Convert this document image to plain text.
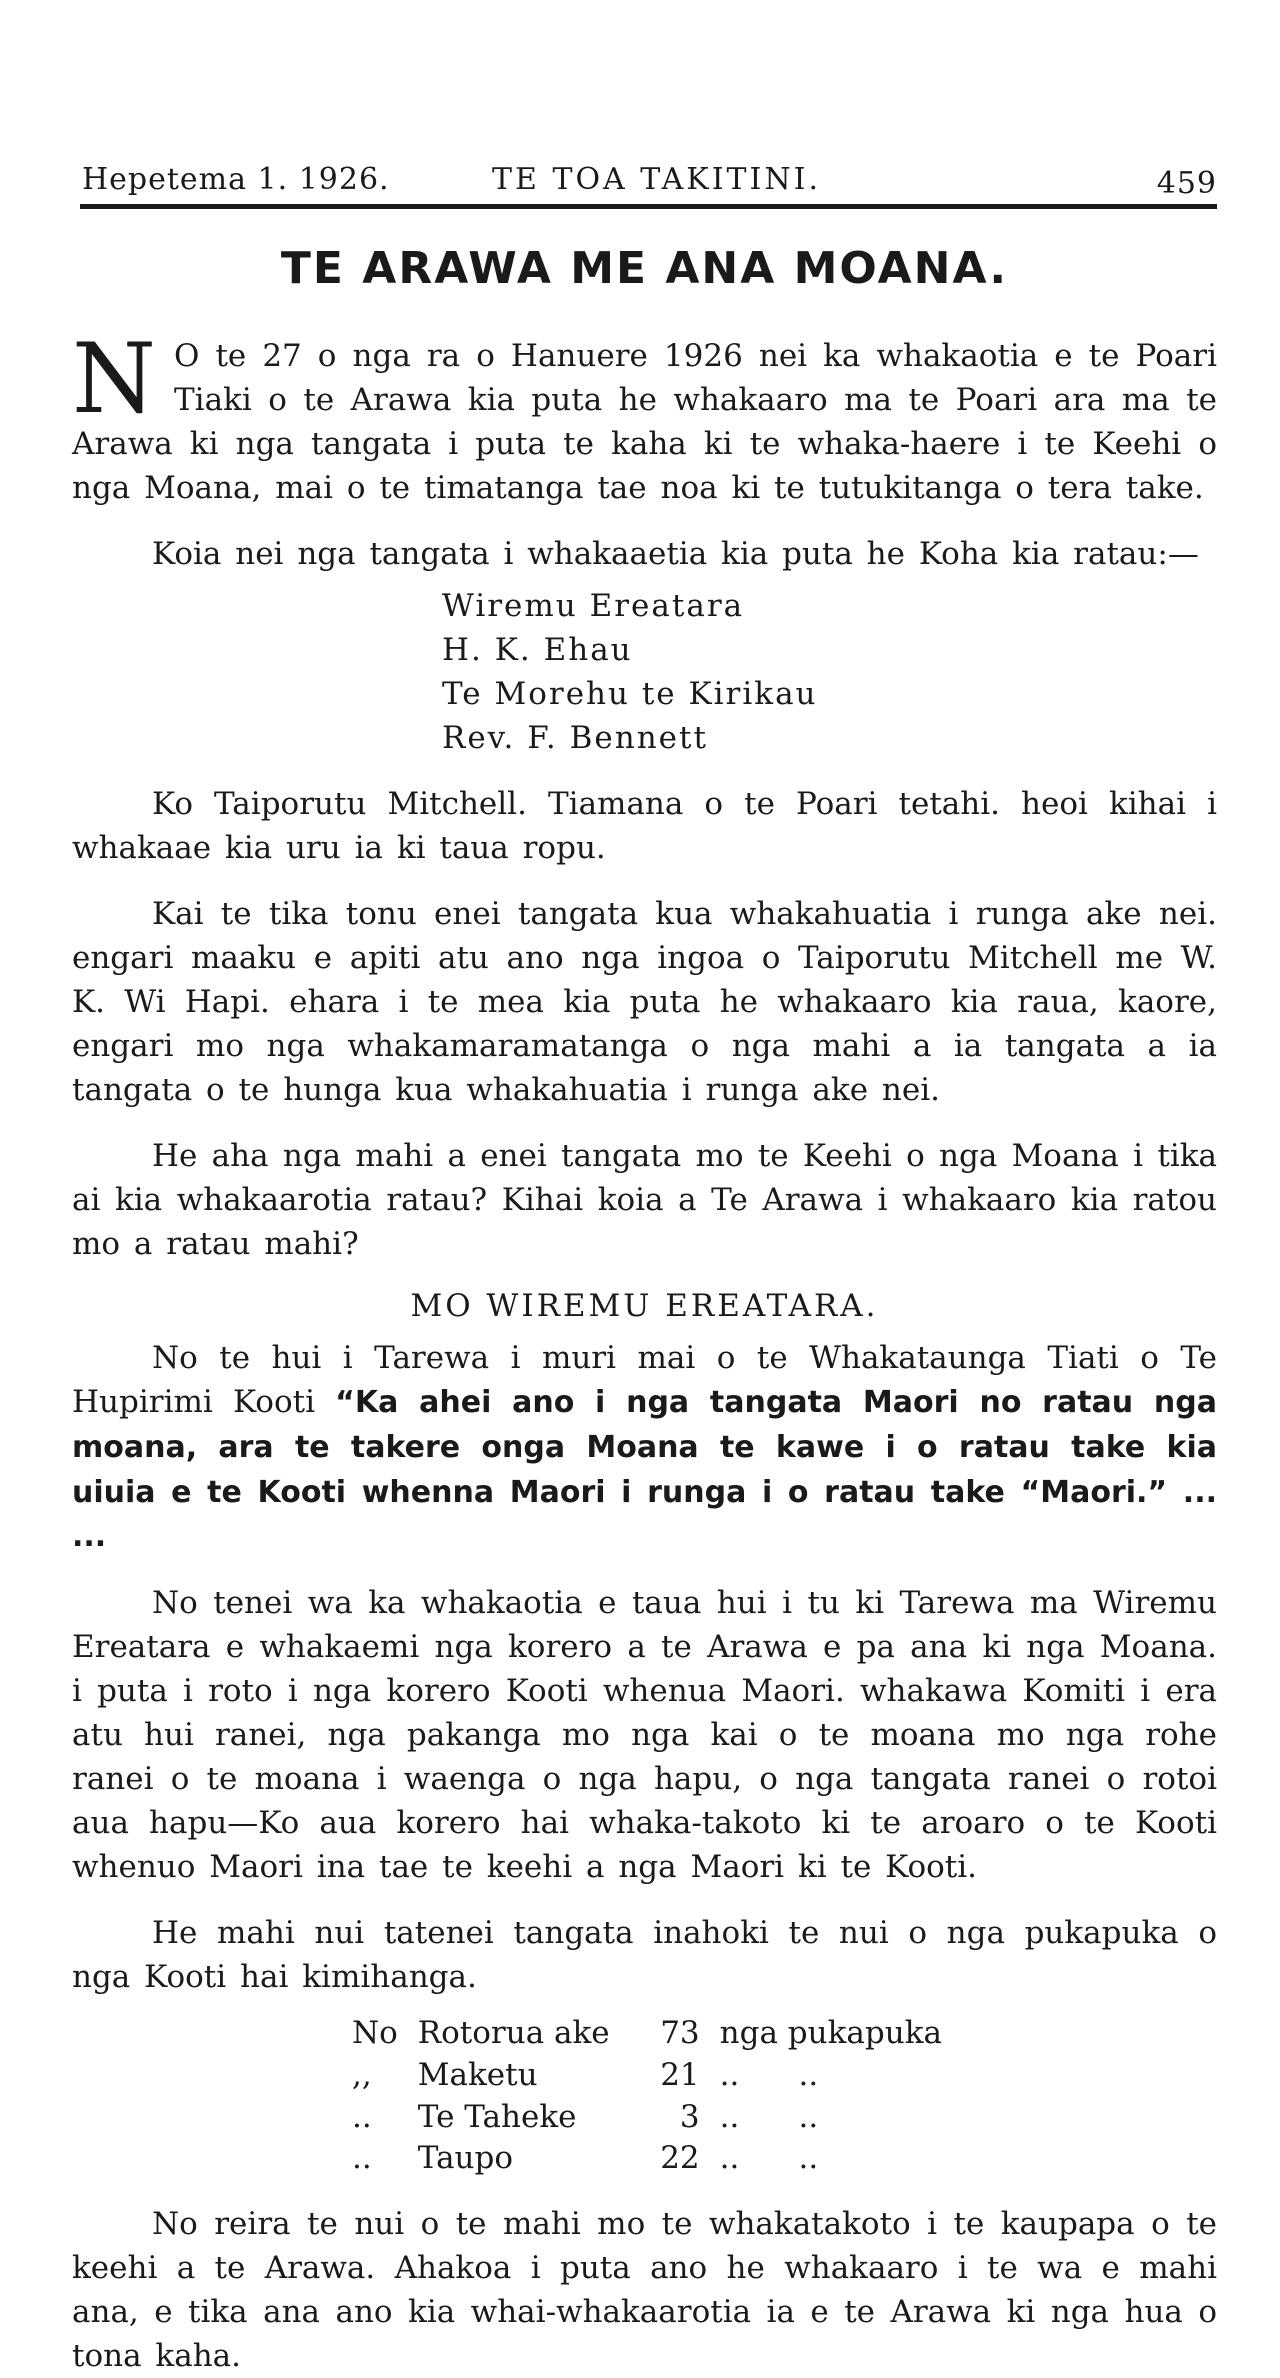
Hepetema 1. 1926.	TE TOA TAKITINI.	459
TE ARAWA ME ANA MOANA.

N O te 27 o nga ra o Hanuere 1926 nei ka whakaotia e te Poari Tiaki o te Arawa kia puta he whakaaro ma te Poari ara ma te Arawa ki nga tangata i puta te kaha ki te whaka-haere i te Keehi o nga Moana, mai o te timatanga tae noa ki te tutukitanga o tera take.

Koia nei nga tangata i whakaaetia kia puta he Koha kia ratau:—

Wiremu Ereatara
H. K. Ehau
Te Morehu te Kirikau
Rev. F. Bennett

Ko Taiporutu Mitchell. Tiamana o te Poari tetahi. heoi kihai i whakaae kia uru ia ki taua ropu.

Kai te tika tonu enei tangata kua whakahuatia i runga ake nei. engari maaku e apiti atu ano nga ingoa o Taiporutu Mitchell me W. K. Wi Hapi. ehara i te mea kia puta he whakaaro kia raua, kaore, engari mo nga whakamaramatanga o nga mahi a ia tangata a ia tangata o te hunga kua whakahuatia i runga ake nei.

He aha nga mahi a enei tangata mo te Keehi o nga Moana i tika ai kia whakaarotia ratau? Kihai koia a Te Arawa i whakaaro kia ratou mo a ratau mahi?

MO WIREMU EREATARA.

No te hui i Tarewa i muri mai o te Whakataunga Tiati o Te Hupirimi Kooti “Ka ahei ano i nga tangata Maori no ratau nga moana, ara te takere onga Moana te kawe i o ratau take kia uiuia e te Kooti whenna Maori i runga i o ratau take “Maori.” ... ...

No tenei wa ka whakaotia e taua hui i tu ki Tarewa ma Wiremu Ereatara e whakaemi nga korero a te Arawa e pa ana ki nga Moana. i puta i roto i nga korero Kooti whenua Maori. whakawa Komiti i era atu hui ranei, nga pakanga mo nga kai o te moana mo nga rohe ranei o te moana i waenga o nga hapu, o nga tangata ranei o rotoi aua hapu—Ko aua korero hai whaka-takoto ki te aroaro o te Kooti whenuo Maori ina tae te keehi a nga Maori ki te Kooti.

He mahi nui tatenei tangata inahoki te nui o nga pukapuka o nga Kooti hai kimihanga.

No	Rotorua ake	73	nga pukapuka
,,	Maketu	21	.. ..
..	Te Taheke	3	.. ..
..	Taupo	22	.. ..

No reira te nui o te mahi mo te whakatakoto i te kaupapa o te keehi a te Arawa. Ahakoa i puta ano he whakaaro i te wa e mahi ana, e tika ana ano kia whai-whakaarotia ia e te Arawa ki nga hua o tona kaha.
